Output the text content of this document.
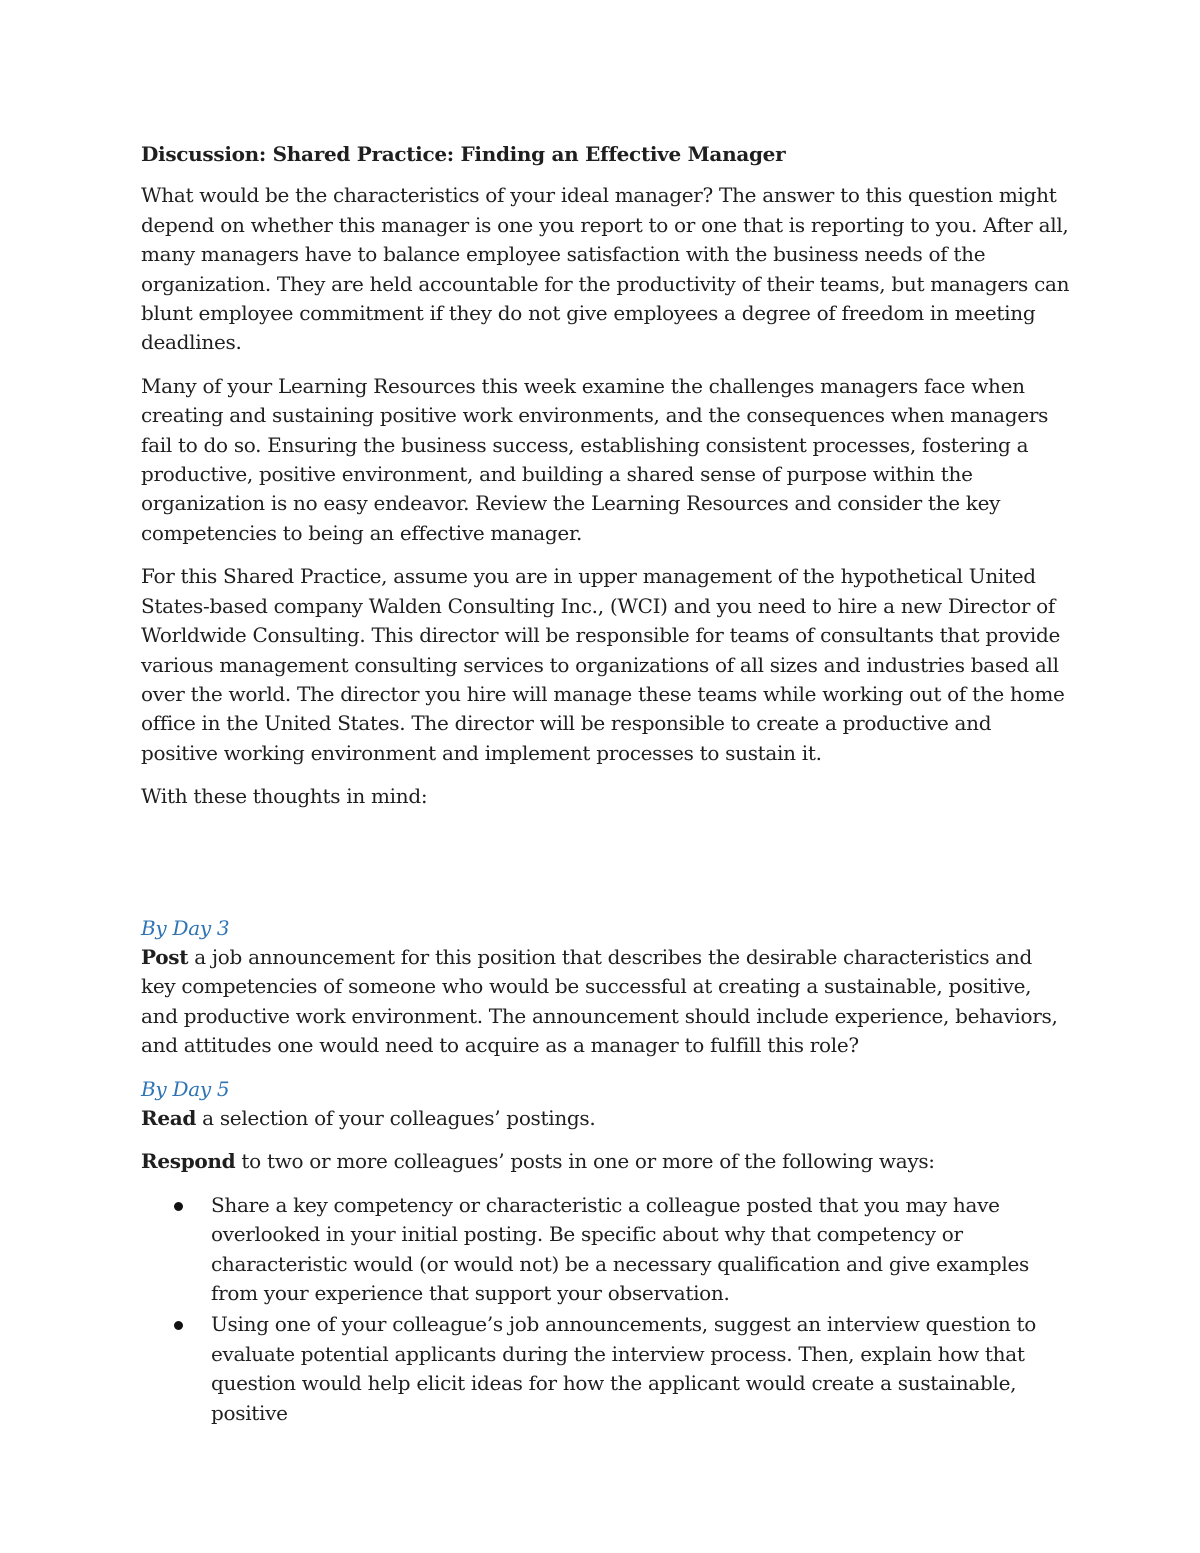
Discussion: Shared Practice: Finding an Effective Manager

What would be the characteristics of your ideal manager? The answer to this question might depend on whether this manager is one you report to or one that is reporting to you. After all, many managers have to balance employee satisfaction with the business needs of the organization. They are held accountable for the productivity of their teams, but managers can blunt employee commitment if they do not give employees a degree of freedom in meeting deadlines.

Many of your Learning Resources this week examine the challenges managers face when creating and sustaining positive work environments, and the consequences when managers fail to do so. Ensuring the business success, establishing consistent processes, fostering a productive, positive environment, and building a shared sense of purpose within the organization is no easy endeavor. Review the Learning Resources and consider the key competencies to being an effective manager.

For this Shared Practice, assume you are in upper management of the hypothetical United States-based company Walden Consulting Inc., (WCI) and you need to hire a new Director of Worldwide Consulting. This director will be responsible for teams of consultants that provide various management consulting services to organizations of all sizes and industries based all over the world. The director you hire will manage these teams while working out of the home office in the United States. The director will be responsible to create a productive and positive working environment and implement processes to sustain it.

With these thoughts in mind:

By Day 3
Post a job announcement for this position that describes the desirable characteristics and key competencies of someone who would be successful at creating a sustainable, positive, and productive work environment. The announcement should include experience, behaviors, and attitudes one would need to acquire as a manager to fulfill this role?

By Day 5
Read a selection of your colleagues’ postings.

Respond to two or more colleagues’ posts in one or more of the following ways:

Share a key competency or characteristic a colleague posted that you may have overlooked in your initial posting. Be specific about why that competency or characteristic would (or would not) be a necessary qualification and give examples from your experience that support your observation.
Using one of your colleague’s job announcements, suggest an interview question to evaluate potential applicants during the interview process. Then, explain how that question would help elicit ideas for how the applicant would create a sustainable, positive
